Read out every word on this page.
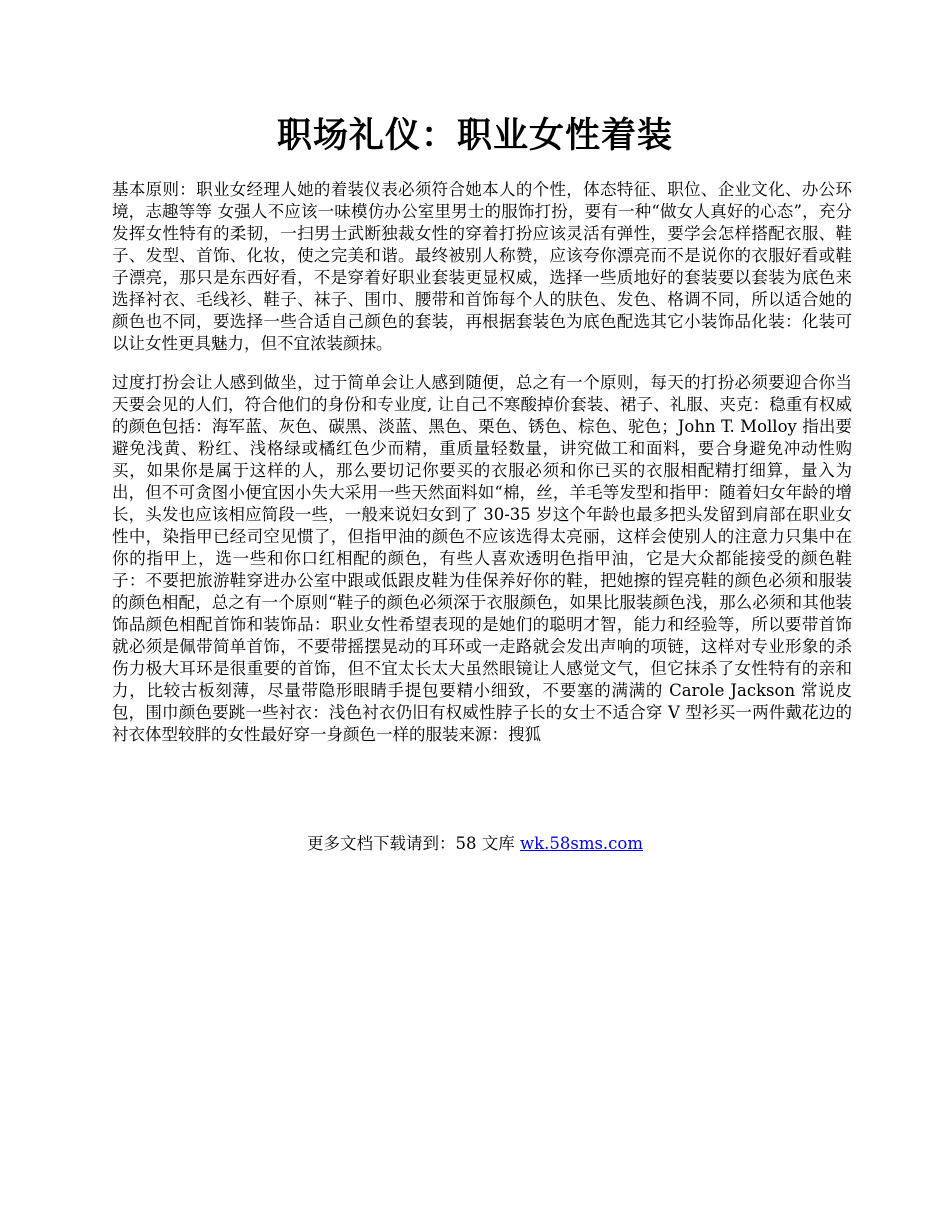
职场礼仪：职业女性着装

基本原则：职业女经理人她的着装仪表必须符合她本人的个性，体态特征、职位、企业文化、办公环境，志趣等等 女强人不应该一味模仿办公室里男士的服饰打扮，要有一种“做女人真好的心态”，充分发挥女性特有的柔韧，一扫男士武断独裁女性的穿着打扮应该灵活有弹性，要学会怎样搭配衣服、鞋子、发型、首饰、化妆，使之完美和谐。最终被别人称赞，应该夸你漂亮而不是说你的衣服好看或鞋子漂亮，那只是东西好看，不是穿着好职业套装更显权威，选择一些质地好的套装要以套装为底色来选择衬衣、毛线衫、鞋子、袜子、围巾、腰带和首饰每个人的肤色、发色、格调不同，所以适合她的颜色也不同，要选择一些合适自己颜色的套装，再根据套装色为底色配选其它小装饰品化装：化装可以让女性更具魅力，但不宜浓装颜抹。

过度打扮会让人感到做坐，过于简单会让人感到随便，总之有一个原则，每天的打扮必须要迎合你当天要会见的人们，符合他们的身份和专业度, 让自己不寒酸掉价套装、裙子、礼服、夹克：稳重有权威的颜色包括：海军蓝、灰色、碳黑、淡蓝、黑色、栗色、锈色、棕色、驼色；John T. Molloy 指出要避免浅黄、粉红、浅格绿或橘红色少而精，重质量轻数量，讲究做工和面料，要合身避免冲动性购买，如果你是属于这样的人，那么要切记你要买的衣服必须和你已买的衣服相配精打细算，量入为出，但不可贪图小便宜因小失大采用一些天然面料如“棉，丝，羊毛等发型和指甲：随着妇女年龄的增长，头发也应该相应简段一些，一般来说妇女到了 30-35 岁这个年龄也最多把头发留到肩部在职业女性中，染指甲已经司空见惯了，但指甲油的颜色不应该选得太亮丽，这样会使别人的注意力只集中在你的指甲上，选一些和你口红相配的颜色，有些人喜欢透明色指甲油，它是大众都能接受的颜色鞋子：不要把旅游鞋穿进办公室中跟或低跟皮鞋为佳保养好你的鞋，把她擦的锃亮鞋的颜色必须和服装的颜色相配，总之有一个原则“鞋子的颜色必须深于衣服颜色，如果比服装颜色浅，那么必须和其他装饰品颜色相配首饰和装饰品：职业女性希望表现的是她们的聪明才智，能力和经验等，所以要带首饰就必须是佩带简单首饰，不要带摇摆晃动的耳环或一走路就会发出声响的项链，这样对专业形象的杀伤力极大耳环是很重要的首饰，但不宜太长太大虽然眼镜让人感觉文气，但它抹杀了女性特有的亲和力，比较古板刻薄，尽量带隐形眼睛手提包要精小细致，不要塞的满满的 Carole Jackson 常说皮包，围巾颜色要跳一些衬衣：浅色衬衣仍旧有权威性脖子长的女士不适合穿 V 型衫买一两件戴花边的衬衣体型较胖的女性最好穿一身颜色一样的服装来源：搜狐

更多文档下载请到：58 文库 wk.58sms.com
